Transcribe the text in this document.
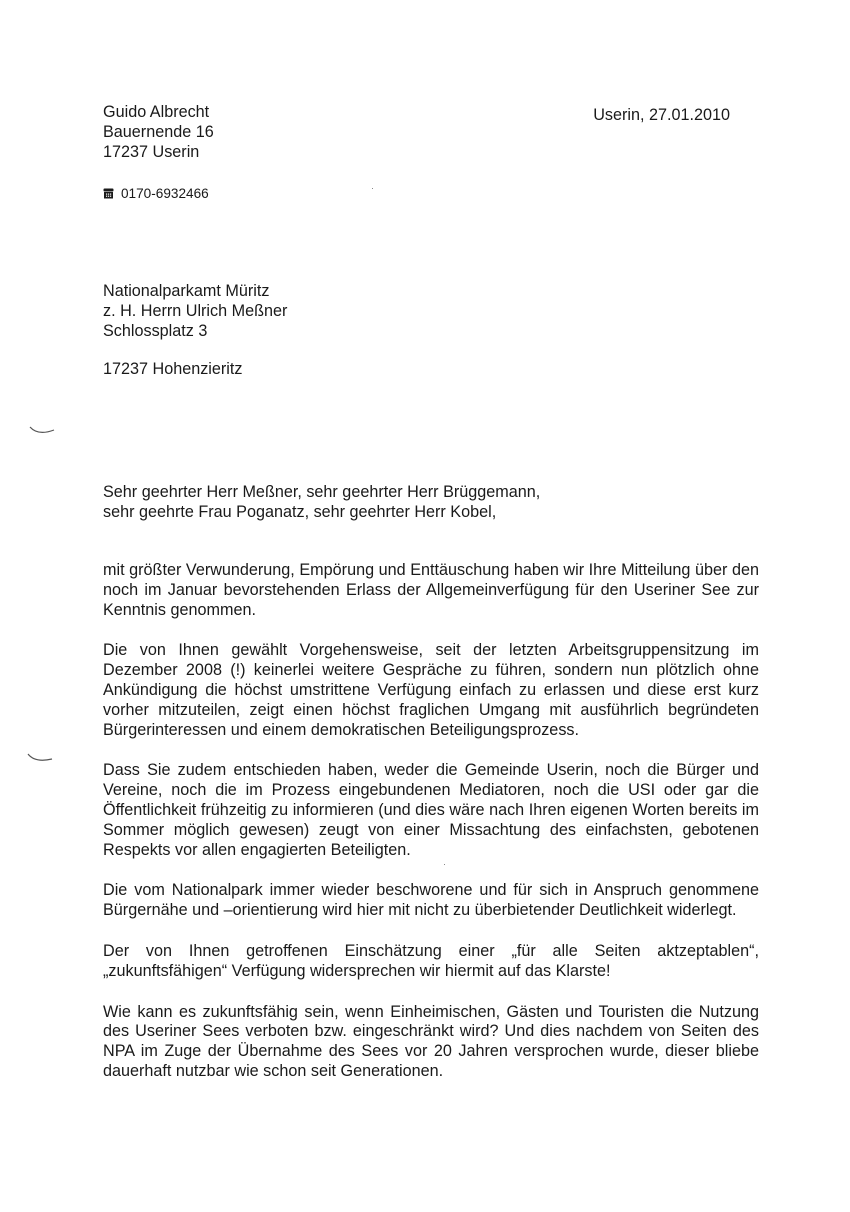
Guido Albrecht
Bauernende 16
17237 Userin
Userin, 27.01.2010
0170-6932466
Nationalparkamt Müritz
z. H. Herrn Ulrich Meßner
Schlossplatz 3
17237 Hohenzieritz
Sehr geehrter Herr Meßner, sehr geehrter Herr Brüggemann,
sehr geehrte Frau Poganatz, sehr geehrter Herr Kobel,

mit größter Verwunderung, Empörung und Enttäuschung haben wir Ihre Mitteilung über den noch im Januar bevorstehenden Erlass der Allgemeinverfügung für den Useriner See zur Kenntnis genommen.

Die von Ihnen gewählt Vorgehensweise, seit der letzten Arbeitsgruppensitzung im Dezember 2008 (!) keinerlei weitere Gespräche zu führen, sondern nun plötzlich ohne Ankündigung die höchst umstrittene Verfügung einfach zu erlassen und diese erst kurz vorher mitzuteilen, zeigt einen höchst fraglichen Umgang mit ausführlich begründeten Bürgerinteressen und einem demokratischen Beteiligungsprozess.

Dass Sie zudem entschieden haben, weder die Gemeinde Userin, noch die Bürger und Vereine, noch die im Prozess eingebundenen Mediatoren, noch die USI oder gar die Öffentlichkeit frühzeitig zu informieren (und dies wäre nach Ihren eigenen Worten bereits im Sommer möglich gewesen) zeugt von einer Missachtung des einfachsten, gebotenen Respekts vor allen engagierten Beteiligten.

Die vom Nationalpark immer wieder beschworene und für sich in Anspruch genommene Bürgernähe und –orientierung wird hier mit nicht zu überbietender Deutlichkeit widerlegt.

Der von Ihnen getroffenen Einschätzung einer „für alle Seiten aktzeptablen“, „zukunftsfähigen“ Verfügung widersprechen wir hiermit auf das Klarste!

Wie kann es zukunftsfähig sein, wenn Einheimischen, Gästen und Touristen die Nutzung des Useriner Sees verboten bzw. eingeschränkt wird? Und dies nachdem von Seiten des NPA im Zuge der Übernahme des Sees vor 20 Jahren versprochen wurde, dieser bliebe dauerhaft nutzbar wie schon seit Generationen.
